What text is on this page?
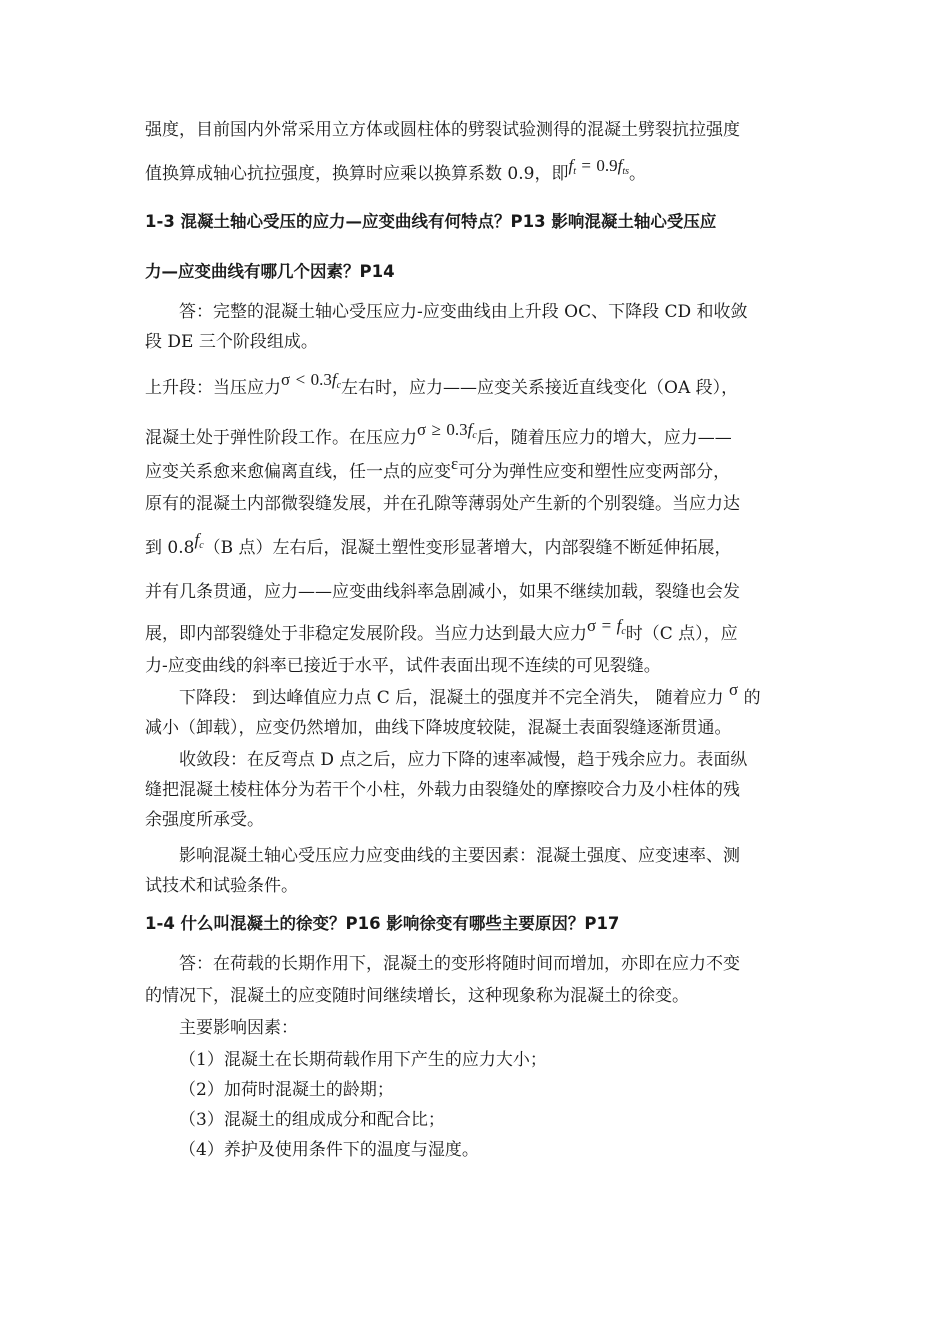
强度，目前国内外常采用立方体或圆柱体的劈裂试验测得的混凝土劈裂抗拉强度

值换算成轴心抗拉强度，换算时应乘以换算系数 0.9，即$f_t = 0.9f_{ts}$。

1-3 混凝土轴心受压的应力—应变曲线有何特点？P13 影响混凝土轴心受压应

力—应变曲线有哪几个因素？P14

答：完整的混凝土轴心受压应力-应变曲线由上升段 OC、下降段 CD 和收敛

段 DE 三个阶段组成。

上升段：当压应力$\sigma < 0.3f_c$左右时，应力——应变关系接近直线变化（OA 段），

混凝土处于弹性阶段工作。在压应力$\sigma \ge 0.3f_c$后，随着压应力的增大，应力——

应变关系愈来愈偏离直线，任一点的应变ε可分为弹性应变和塑性应变两部分，

原有的混凝土内部微裂缝发展，并在孔隙等薄弱处产生新的个别裂缝。当应力达

到 $0.8f_c(B$ 点）左右后，混凝土塑性变形显著增大，内部裂缝不断延伸拓展，

并有几条贯通，应力——应变曲线斜率急剧减小，如果不继续加载，裂缝也会发

展，即内部裂缝处于非稳定发展阶段。当应力达到最大应力$\sigma = f_c$时（C 点），应

力-应变曲线的斜率已接近于水平，试件表面出现不连续的可见裂缝。

下降段： 到达峰值应力点 C 后，混凝土的强度并不完全消失， 随着应力 σ 的

减小（卸载），应变仍然增加，曲线下降坡度较陡，混凝土表面裂缝逐渐贯通。

收敛段：在反弯点 D 点之后，应力下降的速率减慢，趋于残余应力。表面纵

缝把混凝土棱柱体分为若干个小柱，外载力由裂缝处的摩擦咬合力及小柱体的残

余强度所承受。

影响混凝土轴心受压应力应变曲线的主要因素：混凝土强度、应变速率、测

试技术和试验条件。

1-4 什么叫混凝土的徐变？P16 影响徐变有哪些主要原因？P17

答：在荷载的长期作用下，混凝土的变形将随时间而增加，亦即在应力不变

的情况下，混凝土的应变随时间继续增长，这种现象称为混凝土的徐变。

主要影响因素：

（1）混凝土在长期荷载作用下产生的应力大小；

（2）加荷时混凝土的龄期；

（3）混凝土的组成成分和配合比；

（4）养护及使用条件下的温度与湿度。
